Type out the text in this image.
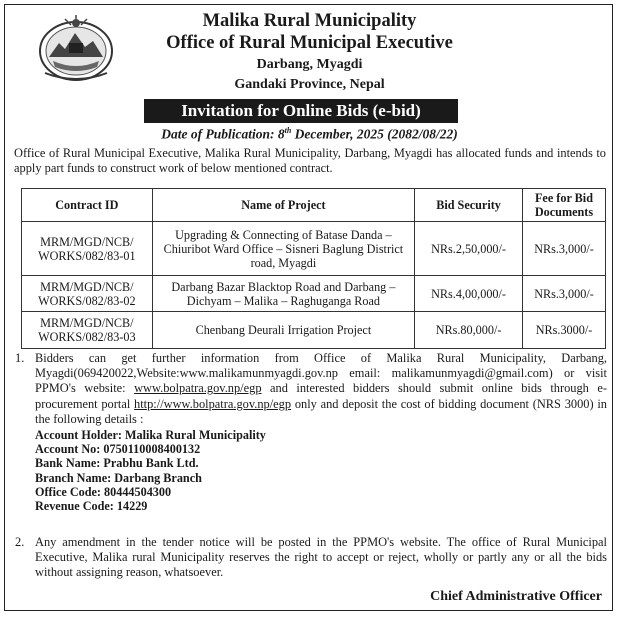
Malika Rural Municipality
Office of Rural Municipal Executive
Darbang, Myagdi
Gandaki Province, Nepal
Invitation for Online Bids (e-bid)
Date of Publication: 8th December, 2025 (2082/08/22)

Office of Rural Municipal Executive, Malika Rural Municipality, Darbang, Myagdi has allocated funds and intends to apply part funds to construct work of below mentioned contract.

Contract ID	Name of Project	Bid Security	Fee for Bid Documents
MRM/MGD/NCB/ WORKS/082/83-01	Upgrading & Connecting of Batase Danda – Chiuribot Ward Office – Sisneri Baglung District road, Myagdi	NRs.2,50,000/-	NRs.3,000/-
MRM/MGD/NCB/ WORKS/082/83-02	Darbang Bazar Blacktop Road and Darbang – Dichyam – Malika – Raghuganga Road	NRs.4,00,000/-	NRs.3,000/-
MRM/MGD/NCB/ WORKS/082/83-03	Chenbang Deurali Irrigation Project	NRs.80,000/-	NRs.3000/-
1. Bidders can get further information from Office of Malika Rural Municipality, Darbang, Myagdi(069420022,Website:www.malikamunmyagdi.gov.np email: malikamunmyagdi@gmail.com) or visit PPMO's website: www.bolpatra.gov.np/egp and interested bidders should submit online bids through e-procurement portal http://www.bolpatra.gov.np/egp only and deposit the cost of bidding document (NRS 3000) in the following details :

Account Holder: Malika Rural Municipality
Account No: 0750110008400132
Bank Name: Prabhu Bank Ltd.
Branch Name: Darbang Branch
Office Code: 80444504300
Revenue Code: 14229
2. Any amendment in the tender notice will be posted in the PPMO's website. The office of Rural Municipal Executive, Malika rural Municipality reserves the right to accept or reject, wholly or partly any or all the bids without assigning reason, whatsoever.

Chief Administrative Officer
